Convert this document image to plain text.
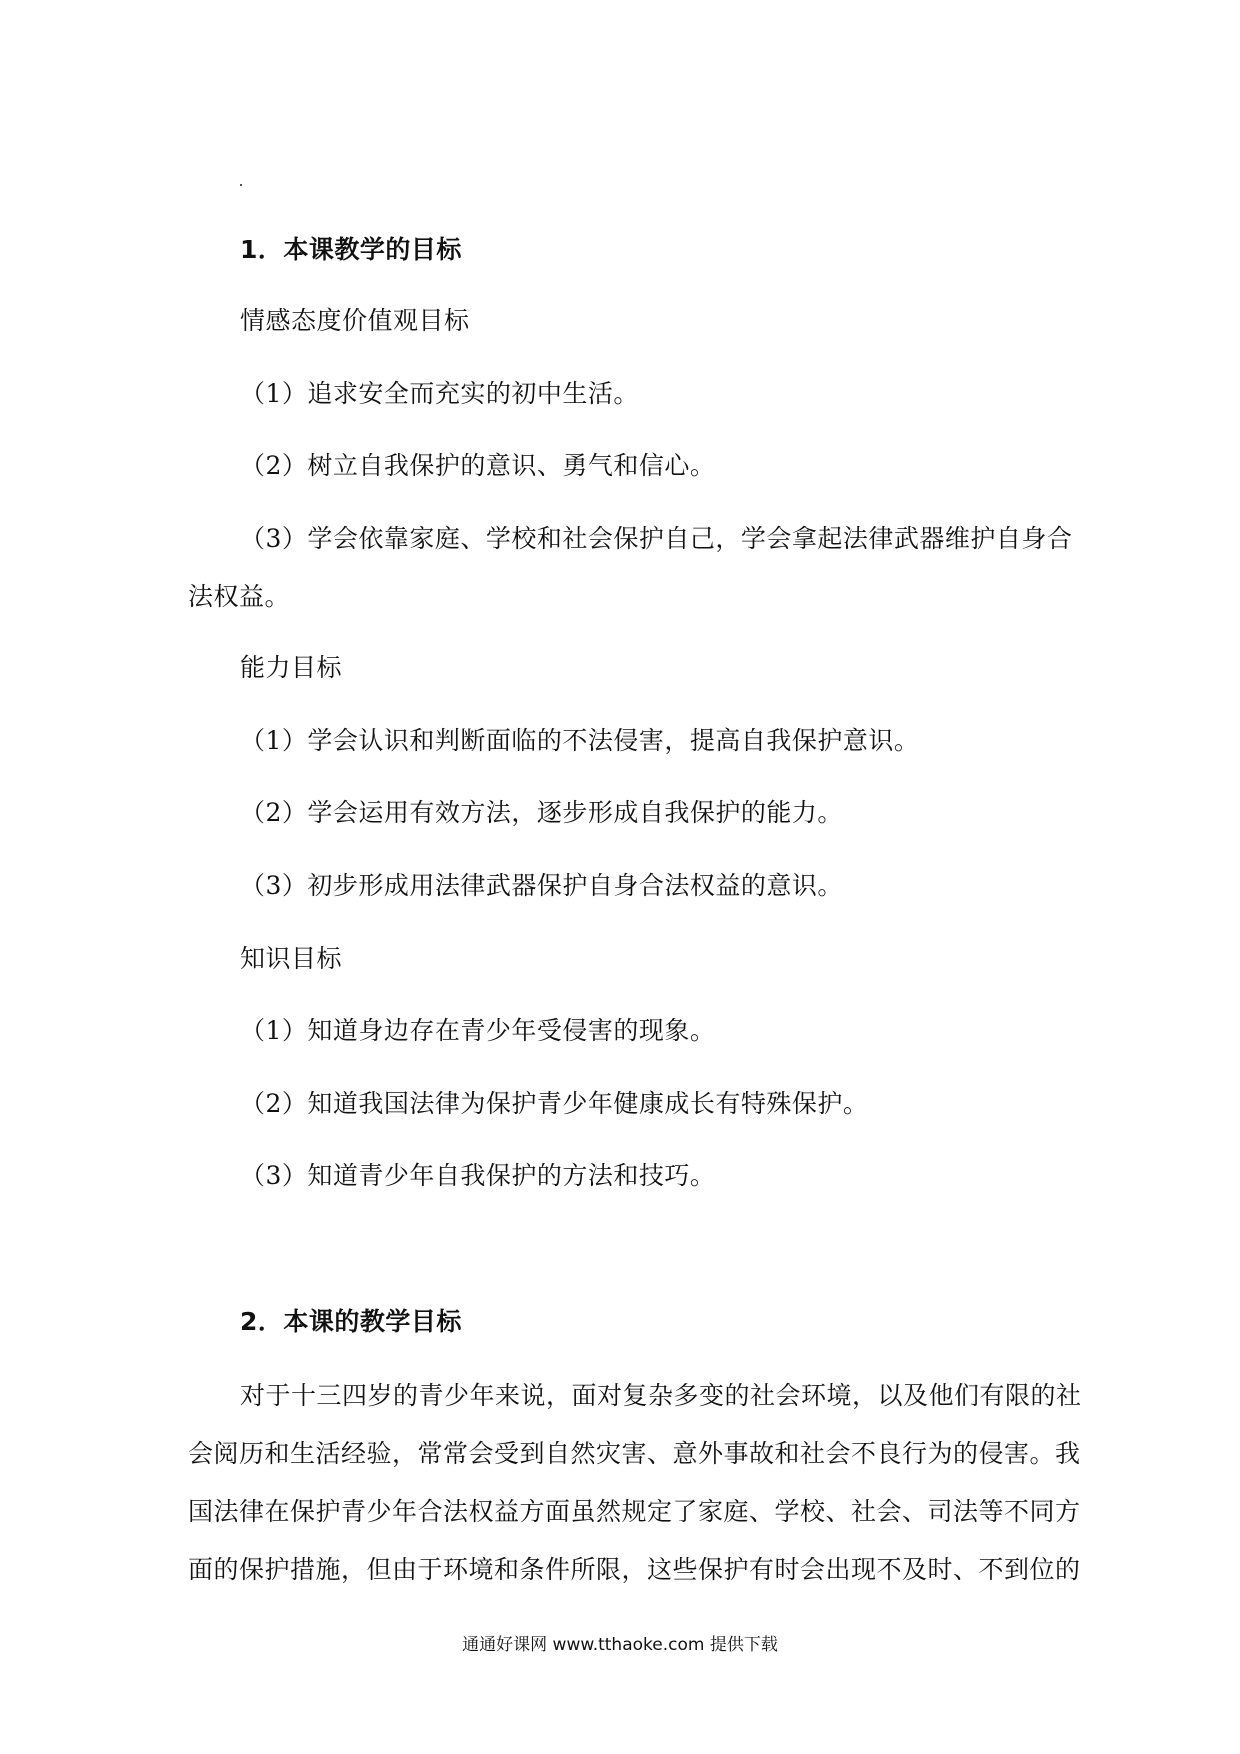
1．本课教学的目标
情感态度价值观目标
（1）追求安全而充实的初中生活。
（2）树立自我保护的意识、勇气和信心。
（3）学会依靠家庭、学校和社会保护自己，学会拿起法律武器维护自身合
法权益。
能力目标
（1）学会认识和判断面临的不法侵害，提高自我保护意识。
（2）学会运用有效方法，逐步形成自我保护的能力。
（3）初步形成用法律武器保护自身合法权益的意识。
知识目标
（1）知道身边存在青少年受侵害的现象。
（2）知道我国法律为保护青少年健康成长有特殊保护。
（3）知道青少年自我保护的方法和技巧。
2．本课的教学目标
对于十三四岁的青少年来说，面对复杂多变的社会环境，以及他们有限的社
会阅历和生活经验，常常会受到自然灾害、意外事故和社会不良行为的侵害。我
国法律在保护青少年合法权益方面虽然规定了家庭、学校、社会、司法等不同方
面的保护措施，但由于环境和条件所限，这些保护有时会出现不及时、不到位的
通通好课网 www.tthaoke.com 提供下载
